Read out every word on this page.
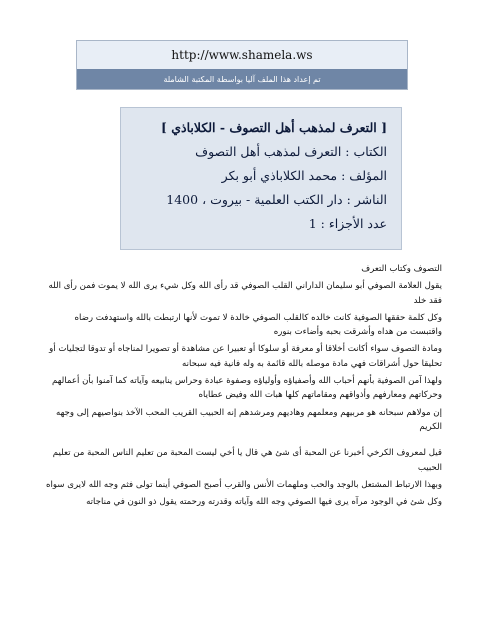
http://www.shamela.ws
تم إعداد هذا الملف آليا بواسطة المكتبة الشاملة
[ التعرف لمذهب أهل التصوف - الكلاباذي ]
الكتاب : التعرف لمذهب أهل التصوف
المؤلف : محمد الكلاباذي أبو بكر
الناشر : دار الكتب العلمية - بيروت ، 1400
عدد الأجزاء : 1

التصوف وكتاب التعرف

يقول العلامة الصوفي أبو سليمان الداراني القلب الصوفي قد رأى الله وكل شيء يرى الله لا يموت فمن رأى الله فقد خلد

وكل كلمة حققها الصوفية كانت خالده كالقلب الصوفي خالدة لا تموت لأنها ارتبطت بالله واستهدفت رضاه واقتبست من هداه وأشرقت بحبه وأضاءت بنوره

ومادة التصوف سواء أكانت أخلاقا أو معرفة أو سلوكا أو تعبيرا عن مشاهدة أو تصويرا لمناجاه أو تدوقا لتجليات أو تحليقا حول أشراقات فهي مادة موصله بالله قائمة به وله فانية فيه سبحانه

ولهذا آمن الصوفية بأنهم أحباب الله وأصفياؤه وأولياؤه وصفوة عبادة وحراس ينابيعه وآياته كما آمنوا بأن أعمالهم وحركاتهم ومعارفهم وأذواقهم ومقاماتهم كلها هبات الله وفيض عطاياه

إن مولاهم سبحانه هو مربيهم ومعلمهم وهاديهم ومرشدهم إنه الحبيب القريب المحب الآخذ بنواصيهم إلى وجهه الكريم

قيل لمعروف الكرخي أخبرنا عن المحبة أى شئ هي قال يا أخي ليست المحبة من تعليم الناس المحبة من تعليم الحبيب

وبهذا الارتباط المشتعل بالوجد والحب وملهمات الأنس والقرب أصبح الصوفي أينما تولى فثم وجه الله لايرى سواه

وكل شئ في الوجود مرآه يرى فيها الصوفي وجه الله وآياته وقدرته ورحمته يقول ذو النون في مناجاته
